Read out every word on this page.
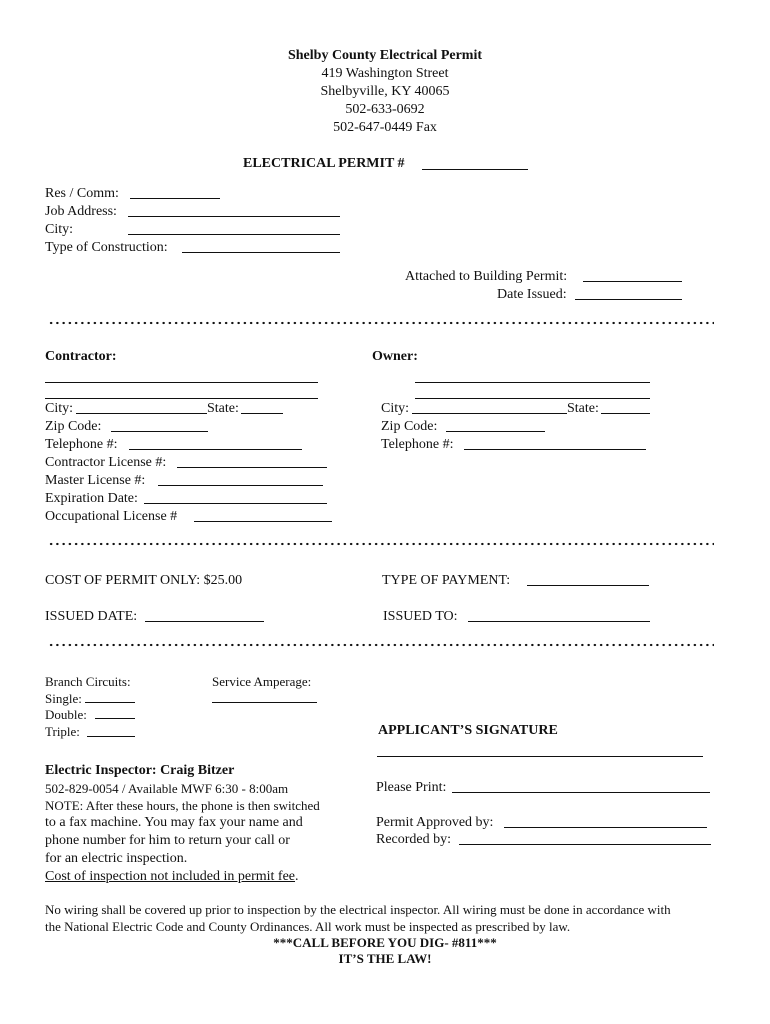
Shelby County Electrical Permit
419 Washington Street
Shelbyville, KY 40065
502-633-0692
502-647-0449 Fax
ELECTRICAL PERMIT #
Res / Comm:
Job Address:
City:
Type of Construction:
Attached to Building Permit:
Date Issued:
Contractor:
City:	State:
Zip Code:
Telephone #:
Contractor License #:
Master License #:
Expiration Date:
Occupational License #
Owner:
City:	State:
Zip Code:
Telephone #:
COST OF PERMIT ONLY: $25.00	TYPE OF PAYMENT:
ISSUED DATE:	ISSUED TO:
Branch Circuits:
Single:
Double:
Triple:
Service Amperage:
APPLICANT’S SIGNATURE
Please Print:
Permit Approved by:
Recorded by:
Electric Inspector: Craig Bitzer
502-829-0054 / Available MWF 6:30 - 8:00am
NOTE: After these hours, the phone is then switched
to a fax machine. You may fax your name and
phone number for him to return your call or
for an electric inspection.
Cost of inspection not included in permit fee.
No wiring shall be covered up prior to inspection by the electrical inspector. All wiring must be done in accordance with
the National Electric Code and County Ordinances. All work must be inspected as prescribed by law.
***CALL BEFORE YOU DIG- #811***
IT’S THE LAW!
